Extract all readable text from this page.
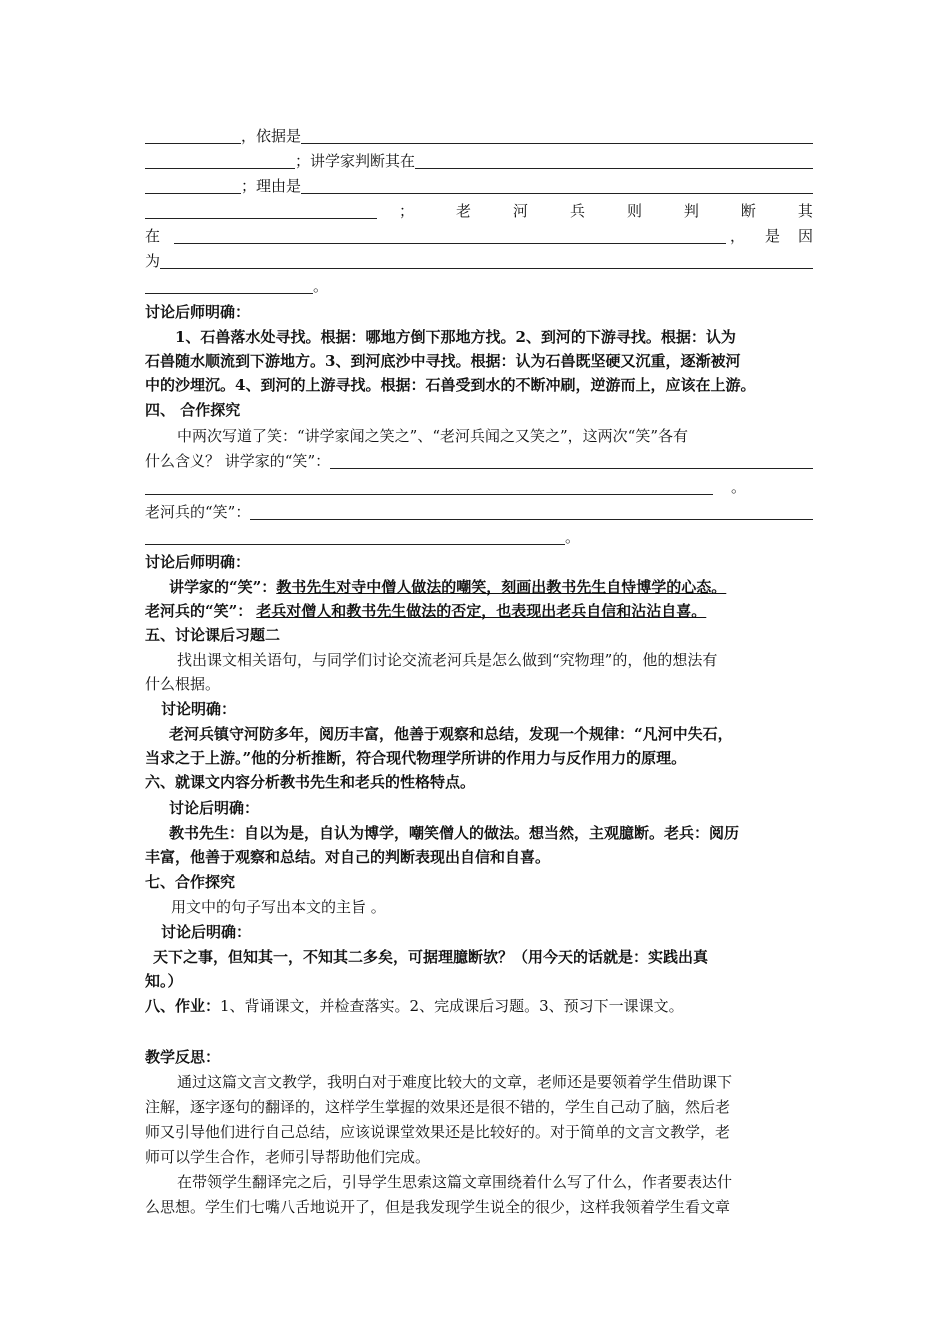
，依据是
；讲学家判断其在
；理由是
；	老	河	兵	则	判	断	其
在	， 是 因
为
。
讨论后师明确：
1、石兽落水处寻找。根据：哪地方倒下那地方找。2、到河的下游寻找。根据：认为
石兽随水顺流到下游地方。3、到河底沙中寻找。根据：认为石兽既坚硬又沉重，逐渐被河
中的沙埋沉。4、到河的上游寻找。根据：石兽受到水的不断冲刷，逆游而上，应该在上游。
四、 合作探究
中两次写道了笑：“讲学家闻之笑之”、“老河兵闻之又笑之”，这两次“笑”各有
什么含义？ 讲学家的“笑”：
。
老河兵的“笑”：
。
讨论后师明确：
讲学家的“笑”：教书先生对寺中僧人做法的嘲笑，刻画出教书先生自恃博学的心态。
老河兵的“笑”： 老兵对僧人和教书先生做法的否定，也表现出老兵自信和沾沾自喜。
五、讨论课后习题二
找出课文相关语句，与同学们讨论交流老河兵是怎么做到“究物理”的，他的想法有
什么根据。
讨论明确：
老河兵镇守河防多年，阅历丰富，他善于观察和总结，发现一个规律：“凡河中失石，
当求之于上游。”他的分析推断，符合现代物理学所讲的作用力与反作用力的原理。
六、就课文内容分析教书先生和老兵的性格特点。
讨论后明确：
教书先生：自以为是，自认为博学，嘲笑僧人的做法。想当然，主观臆断。老兵：阅历
丰富，他善于观察和总结。对自己的判断表现出自信和自喜。
七、合作探究
用文中的句子写出本文的主旨 。
讨论后明确：
天下之事，但知其一，不知其二多矣，可据理臆断欤？（用今天的话就是：实践出真
知。）
八、作业：1、背诵课文，并检查落实。2、完成课后习题。3、预习下一课课文。
教学反思：
通过这篇文言文教学，我明白对于难度比较大的文章，老师还是要领着学生借助课下
注解，逐字逐句的翻译的，这样学生掌握的效果还是很不错的，学生自己动了脑，然后老
师又引导他们进行自己总结，应该说课堂效果还是比较好的。对于简单的文言文教学，老
师可以学生合作，老师引导帮助他们完成。
在带领学生翻译完之后，引导学生思索这篇文章围绕着什么写了什么，作者要表达什
么思想。学生们七嘴八舌地说开了，但是我发现学生说全的很少，这样我领着学生看文章
